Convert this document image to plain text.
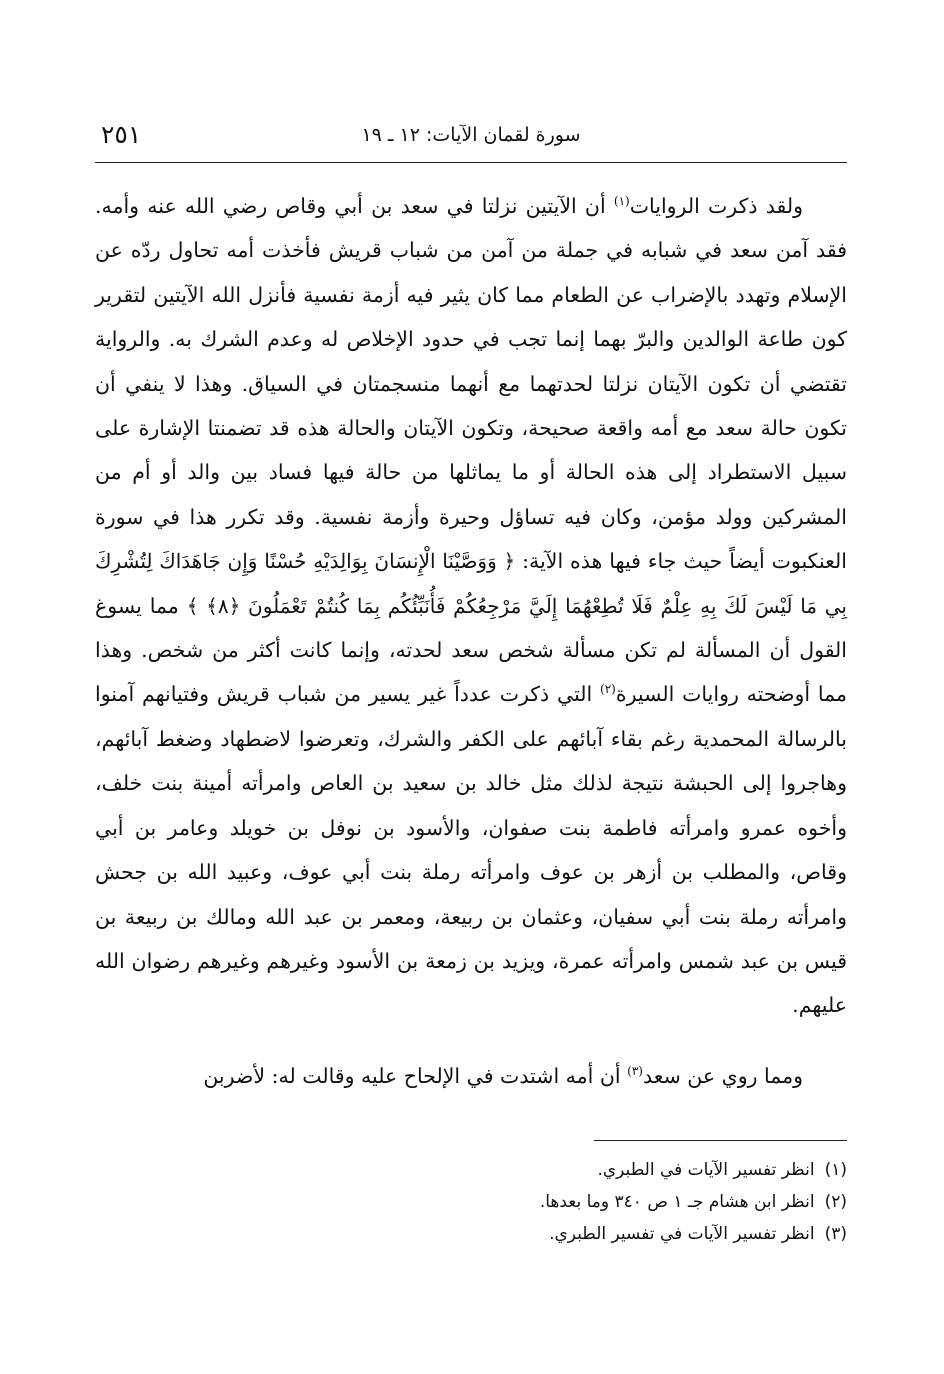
٢٥١	سورة لقمان الآيات: ١٢ ـ ١٩

ولقد ذكرت الروايات$^{(١)}$ أن الآيتين نزلتا في سعد بن أبي وقاص رضي الله عنه وأمه. فقد آمن سعد في شبابه في جملة من آمن من شباب قريش فأخذت أمه تحاول ردّه عن الإسلام وتهدد بالإضراب عن الطعام مما كان يثير فيه أزمة نفسية فأنزل الله الآيتين لتقرير كون طاعة الوالدين والبرّ بهما إنما تجب في حدود الإخلاص له وعدم الشرك به. والرواية تقتضي أن تكون الآيتان نزلتا لحدتهما مع أنهما منسجمتان في السياق. وهذا لا ينفي أن تكون حالة سعد مع أمه واقعة صحيحة، وتكون الآيتان والحالة هذه قد تضمنتا الإشارة على سبيل الاستطراد إلى هذه الحالة أو ما يماثلها من حالة فيها فساد بين والد أو أم من المشركين وولد مؤمن، وكان فيه تساؤل وحيرة وأزمة نفسية. وقد تكرر هذا في سورة العنكبوت أيضاً حيث جاء فيها هذه الآية: ﴿ وَوَصَّيْنَا الْإِنسَانَ بِوَالِدَيْهِ حُسْنًا وَإِن جَاهَدَاكَ لِتُشْرِكَ بِي مَا لَيْسَ لَكَ بِهِ عِلْمٌ فَلَا تُطِعْهُمَا إِلَيَّ مَرْجِعُكُمْ فَأُنَبِّئُكُم بِمَا كُنتُمْ تَعْمَلُونَ ﴿٨﴾ ﴾ مما يسوغ القول أن المسألة لم تكن مسألة شخص سعد لحدته، وإنما كانت أكثر من شخص. وهذا مما أوضحته روايات السيرة$^{(٢)}$ التي ذكرت عدداً غير يسير من شباب قريش وفتيانهم آمنوا بالرسالة المحمدية رغم بقاء آبائهم على الكفر والشرك، وتعرضوا لاضطهاد وضغط آبائهم، وهاجروا إلى الحبشة نتيجة لذلك مثل خالد بن سعيد بن العاص وامرأته أمينة بنت خلف، وأخوه عمرو وامرأته فاطمة بنت صفوان، والأسود بن نوفل بن خويلد وعامر بن أبي وقاص، والمطلب بن أزهر بن عوف وامرأته رملة بنت أبي عوف، وعبيد الله بن جحش وامرأته رملة بنت أبي سفيان، وعثمان بن ربيعة، ومعمر بن عبد الله ومالك بن ربيعة بن قيس بن عبد شمس وامرأته عمرة، ويزيد بن زمعة بن الأسود وغيرهم وغيرهم رضوان الله عليهم.

ومما روي عن سعد$^{(٣)}$ أن أمه اشتدت في الإلحاح عليه وقالت له: لأضربن

(١)انظر تفسير الآيات في الطبري.
(٢)انظر ابن هشام جـ ١ ص ٣٤٠ وما بعدها.
(٣)انظر تفسير الآيات في تفسير الطبري.
